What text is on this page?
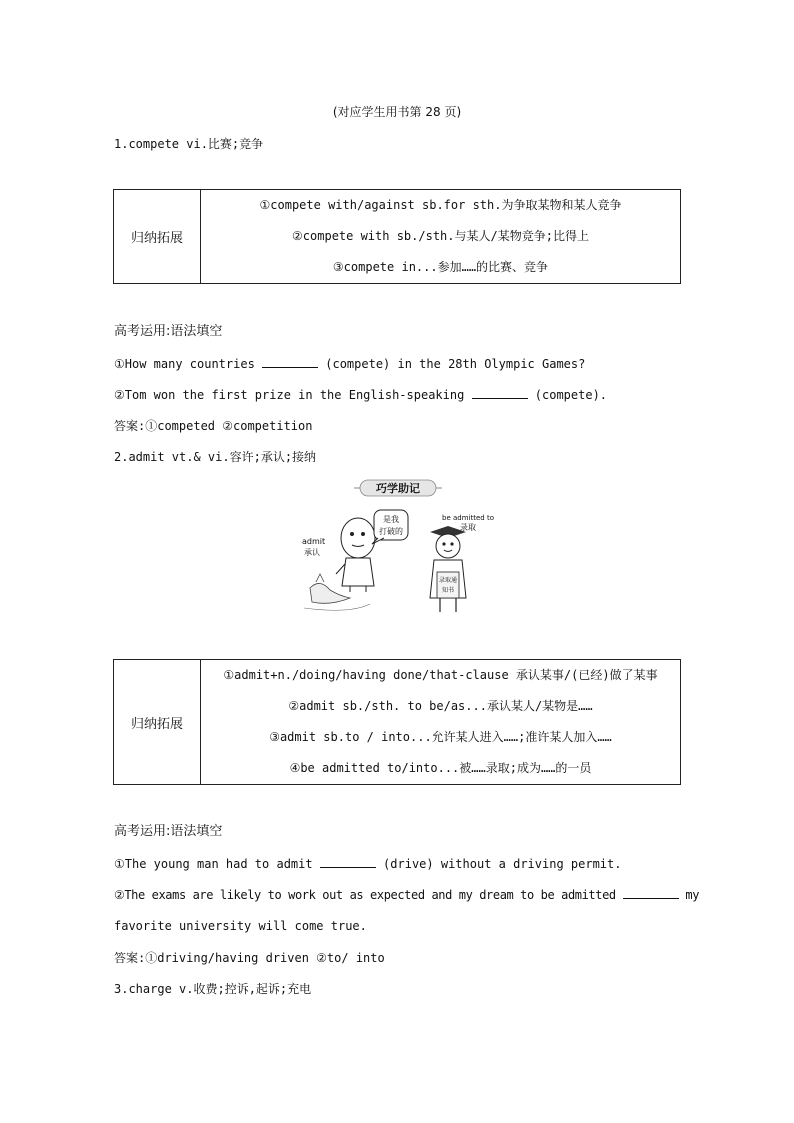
(对应学生用书第 28 页)
1.compete vi.比赛;竞争
归纳拓展	
①compete with/against sb.for sth.为争取某物和某人竞争
②compete with sb./sth.与某人/某物竞争;比得上
③compete in...参加……的比赛、竞争
高考运用:语法填空
①How many countries	(compete) in the 28th Olympic Games?
②Tom won the first prize in the English-speaking	(compete).
答案:①competed ②competition
2.admit vt.& vi.容许;承认;接纳
巧学助记
admit
承认
是我
打破的
be admitted to
录取
录取通
知书
归纳拓展	
①admit+n./doing/having done/that-clause 承认某事/(已经)做了某事
②admit sb./sth. to be/as...承认某人/某物是……
③admit sb.to / into...允许某人进入……;准许某人加入……
④be admitted to/into...被……录取;成为……的一员
高考运用:语法填空
①The young man had to admit	(drive) without a driving permit.
②The exams are likely to work out as expected and my dream to be admitted	my
favorite university will come true.
答案:①driving/having driven ②to/ into
3.charge v.收费;控诉,起诉;充电
